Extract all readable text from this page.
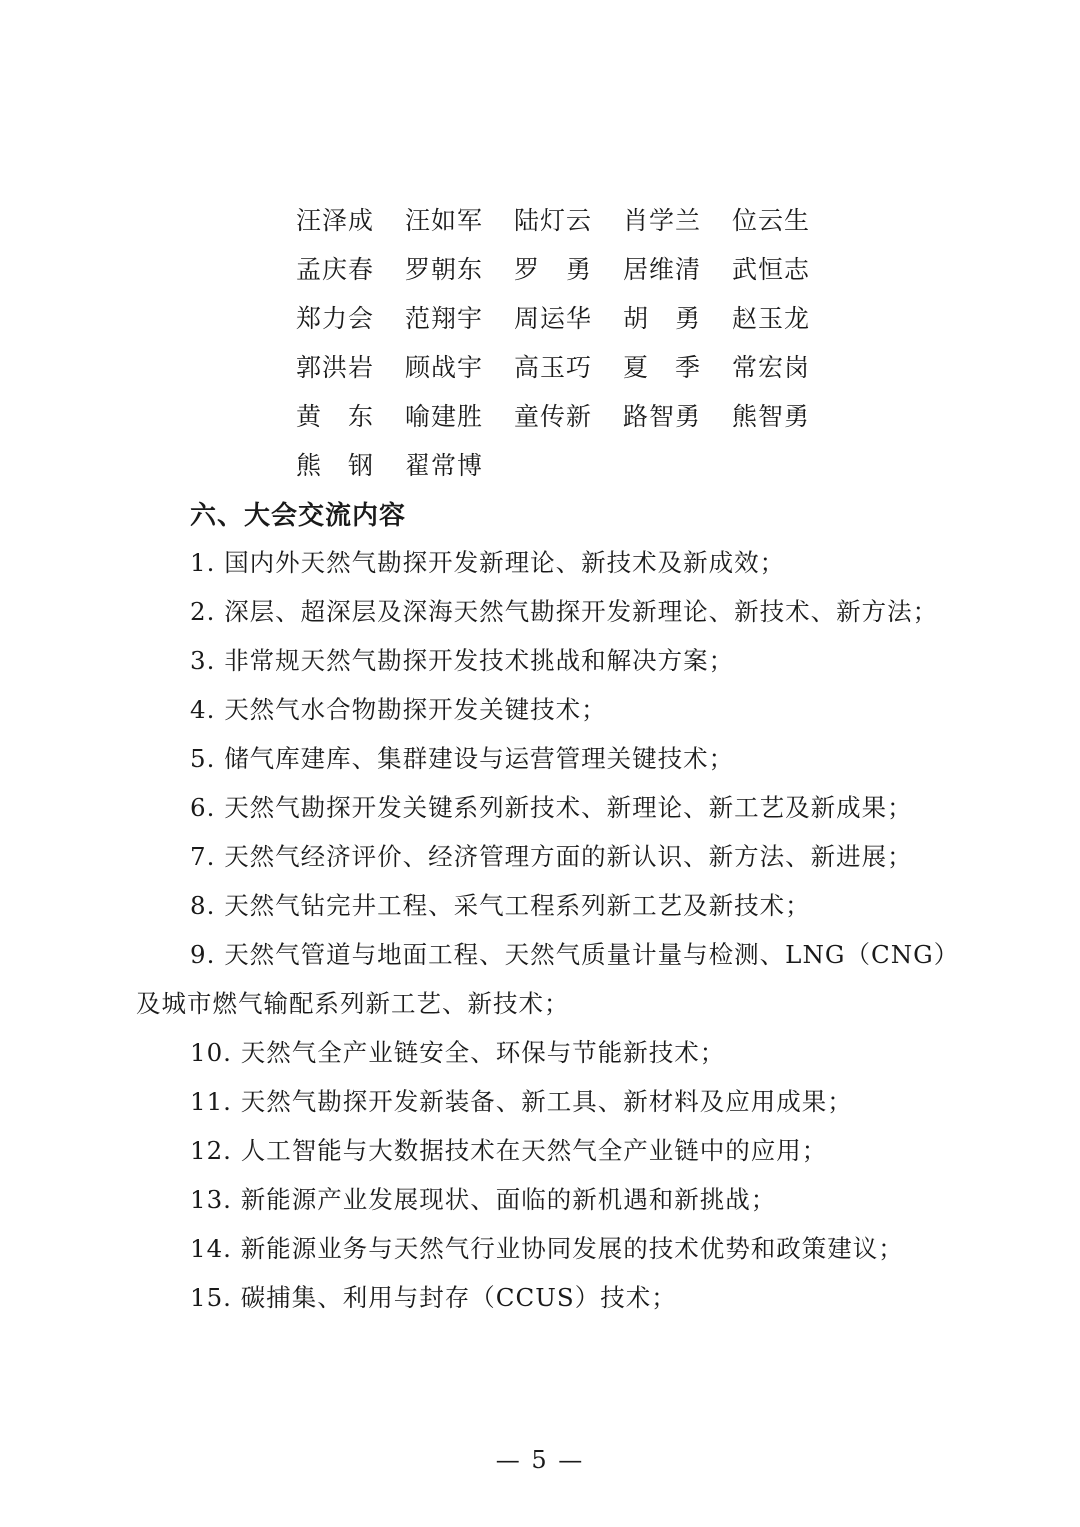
汪泽成 汪如军 陆灯云 肖学兰 位云生
孟庆春 罗朝东 罗　勇 居维清 武恒志
郑力会 范翔宇 周运华 胡　勇 赵玉龙
郭洪岩 顾战宇 高玉巧 夏　季 常宏岗
黄　东 喻建胜 童传新 路智勇 熊智勇
熊　钢 翟常博
六、大会交流内容
1. 国内外天然气勘探开发新理论、新技术及新成效；
2. 深层、超深层及深海天然气勘探开发新理论、新技术、新方法；
3. 非常规天然气勘探开发技术挑战和解决方案；
4. 天然气水合物勘探开发关键技术；
5. 储气库建库、集群建设与运营管理关键技术；
6. 天然气勘探开发关键系列新技术、新理论、新工艺及新成果；
7. 天然气经济评价、经济管理方面的新认识、新方法、新进展；
8. 天然气钻完井工程、采气工程系列新工艺及新技术；
9. 天然气管道与地面工程、天然气质量计量与检测、LNG（CNG）
及城市燃气输配系列新工艺、新技术；
10. 天然气全产业链安全、环保与节能新技术；
11. 天然气勘探开发新装备、新工具、新材料及应用成果；
12. 人工智能与大数据技术在天然气全产业链中的应用；
13. 新能源产业发展现状、面临的新机遇和新挑战；
14. 新能源业务与天然气行业协同发展的技术优势和政策建议；
15. 碳捕集、利用与封存（CCUS）技术；
— 5 —
